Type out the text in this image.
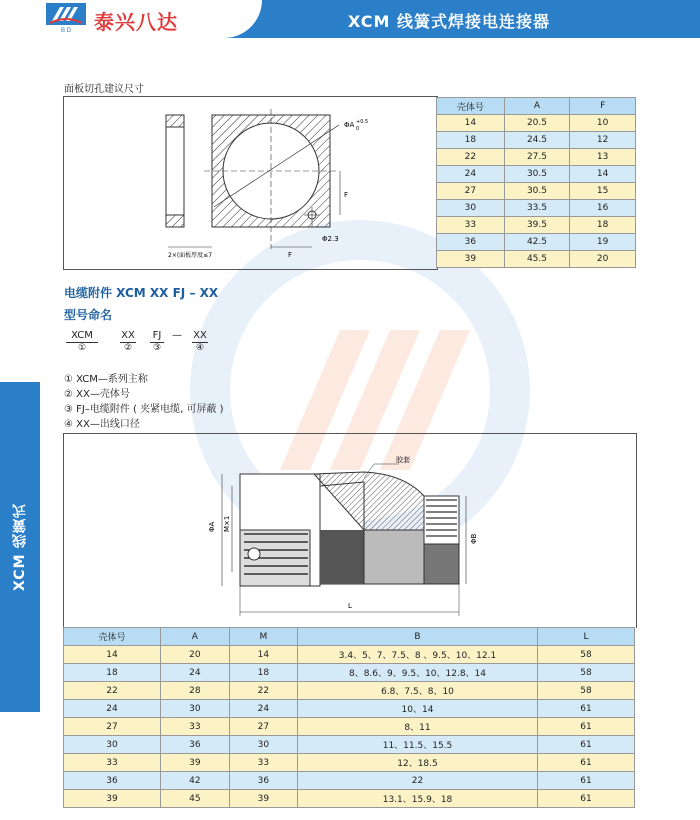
B D 泰兴八达	XCM 线簧式焊接电连接器
XCM 线簧式
面板切孔建议尺寸
ΦA +0.5
0
F
Φ2.3
2×(面板厚度≤7	F
壳体号	A	F
14	20.5	10
18	24.5	12
22	27.5	13
24	30.5	14
27	30.5	15
30	33.5	16
33	39.5	18
36	42.5	19
39	45.5	20
电缆附件 XCM XX FJ – XX
型号命名
XCM
①
XX
②
FJ
③
— XX
④
① XCM—系列主称
② XX—壳体号
③ FJ–电缆附件 ( 夹紧电缆, 可屏蔽 )
④ XX—出线口径
胶套
ΦA M×1
ΦB
L
壳体号	A	M	B	L
14	20	14	3.4、5、7、7.5、8 、9.5、10、12.1	58
18	24	18	8、8.6、9、9.5、10、12.8、14	58
22	28	22	6.8、7.5、8、10	58
24	30	24	10、14	61
27	33	27	8、11	61
30	36	30	11、11.5、15.5	61
33	39	33	12、18.5	61
36	42	36	22	61
39	45	39	13.1、15.9、18	61
